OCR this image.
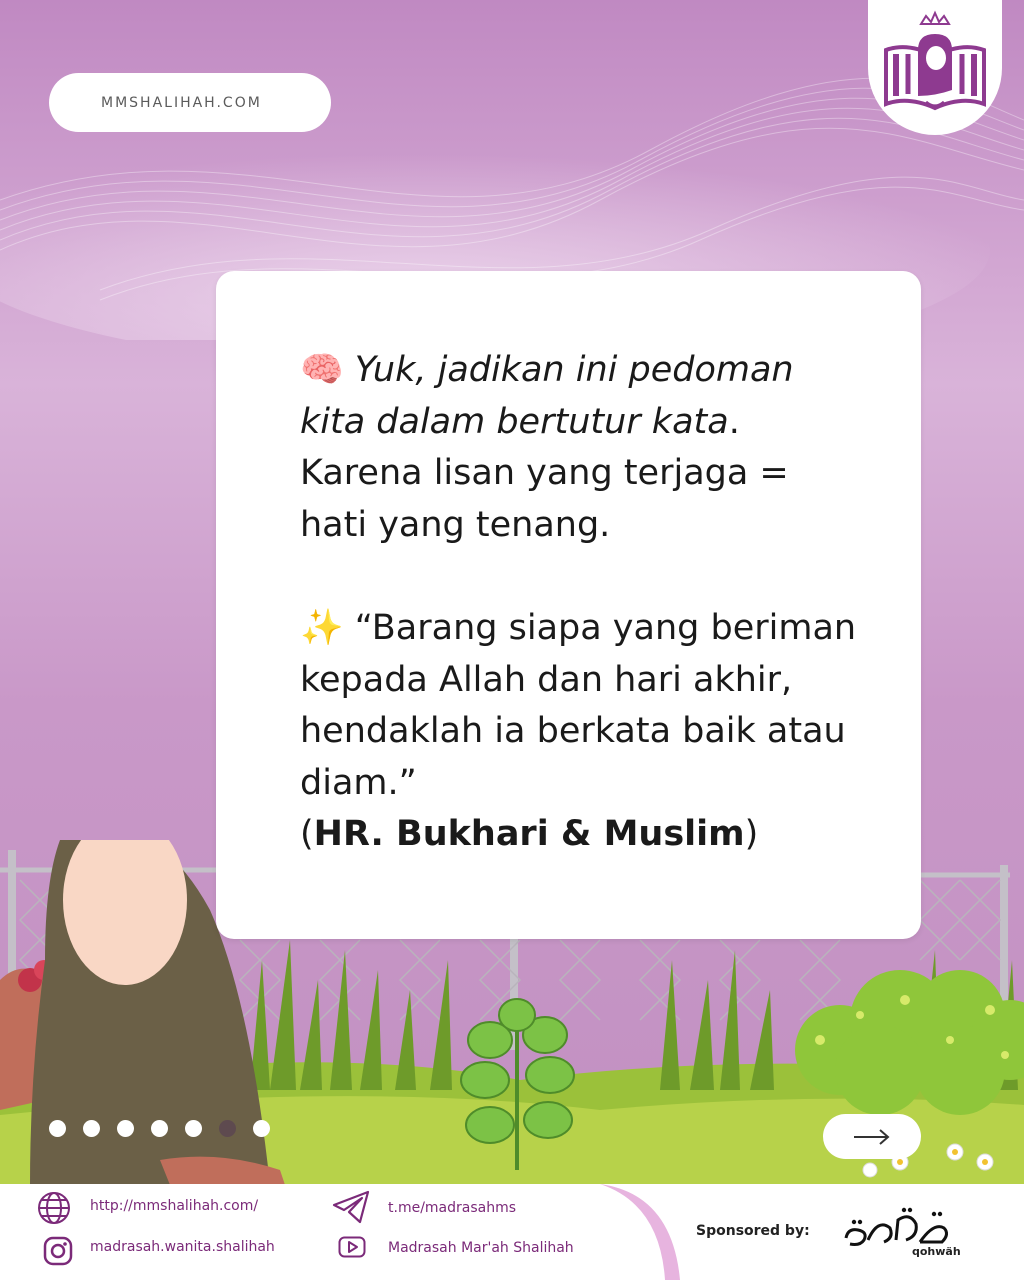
MMSHALIHAH.COM

🧠 Yuk, jadikan ini pedoman kita dalam bertutur kata. Karena lisan yang terjaga = hati yang tenang.

✨ “Barang siapa yang beriman kepada Allah dan hari akhir, hendaklah ia berkata baik atau diam.”
(HR. Bukhari & Muslim)

http://mmshalihah.com/
madrasah.wanita.shalihah
t.me/madrasahms
Madrasah Mar'ah Shalihah
Sponsored by:
qohwäh
